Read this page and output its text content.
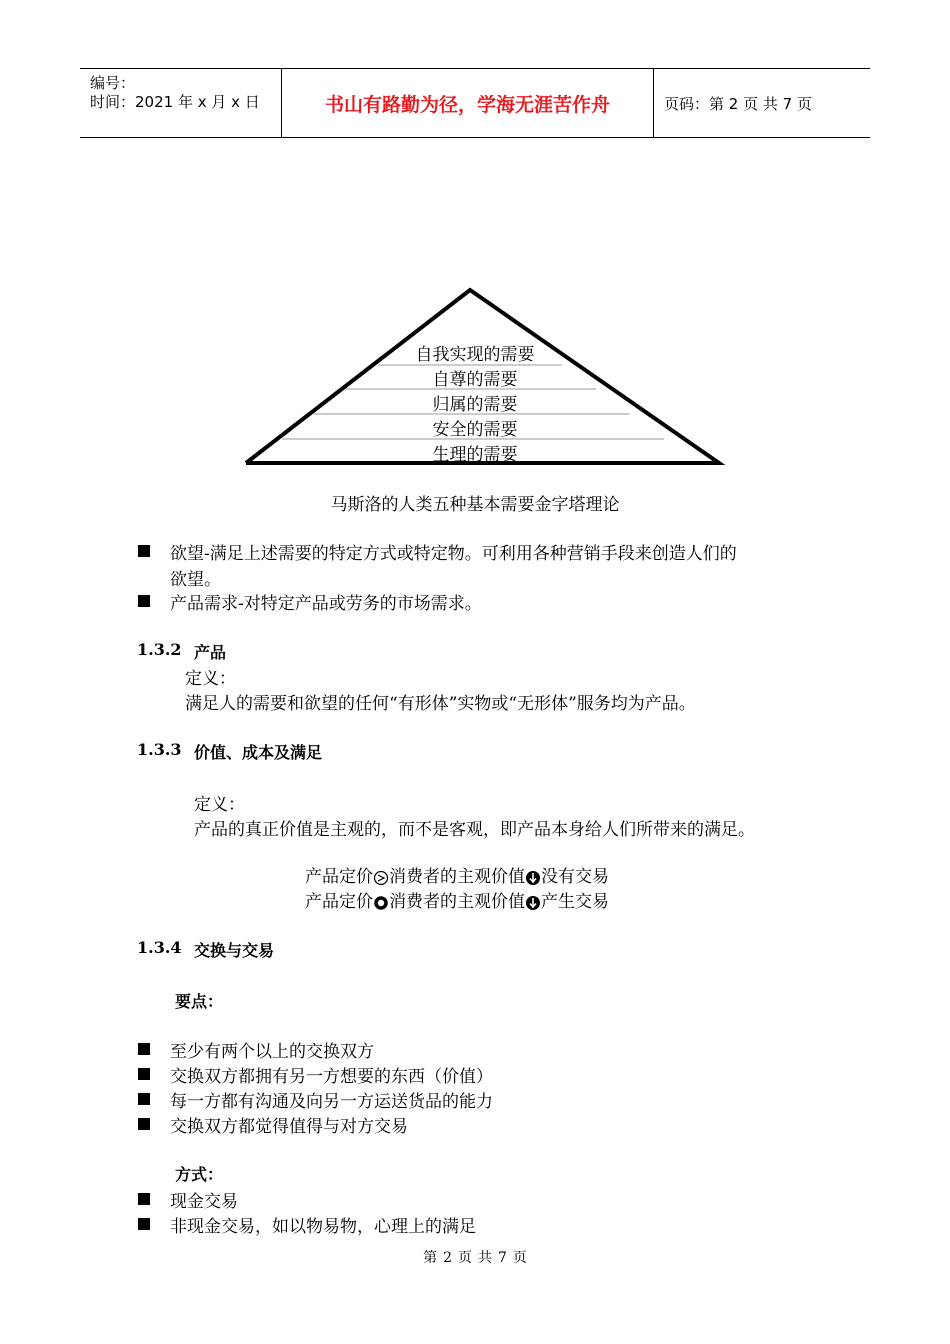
编号：
时间：2021 年 x 月 x 日	书山有路勤为径，学海无涯苦作舟	页码：第 2 页 共 7 页
自我实现的需要
自尊的需要
归属的需要
安全的需要
生理的需要
马斯洛的人类五种基本需要金字塔理论
欲望-满足上述需要的特定方式或特定物。可利用各种营销手段来创造人们的
欲望。
产品需求-对特定产品或劳务的市场需求。
1.3.2 产品
定义：
满足人的需要和欲望的任何“有形体”实物或“无形体”服务均为产品。
1.3.3 价值、成本及满足
定义：
产品的真正价值是主观的，而不是客观，即产品本身给人们所带来的满足。
产品定价 消费者的主观价值 没有交易
产品定价 消费者的主观价值 产生交易
1.3.4 交换与交易
要点：
至少有两个以上的交换双方
交换双方都拥有另一方想要的东西（价值）
每一方都有沟通及向另一方运送货品的能力
交换双方都觉得值得与对方交易
方式：
现金交易
非现金交易，如以物易物，心理上的满足
第 2 页 共 7 页
